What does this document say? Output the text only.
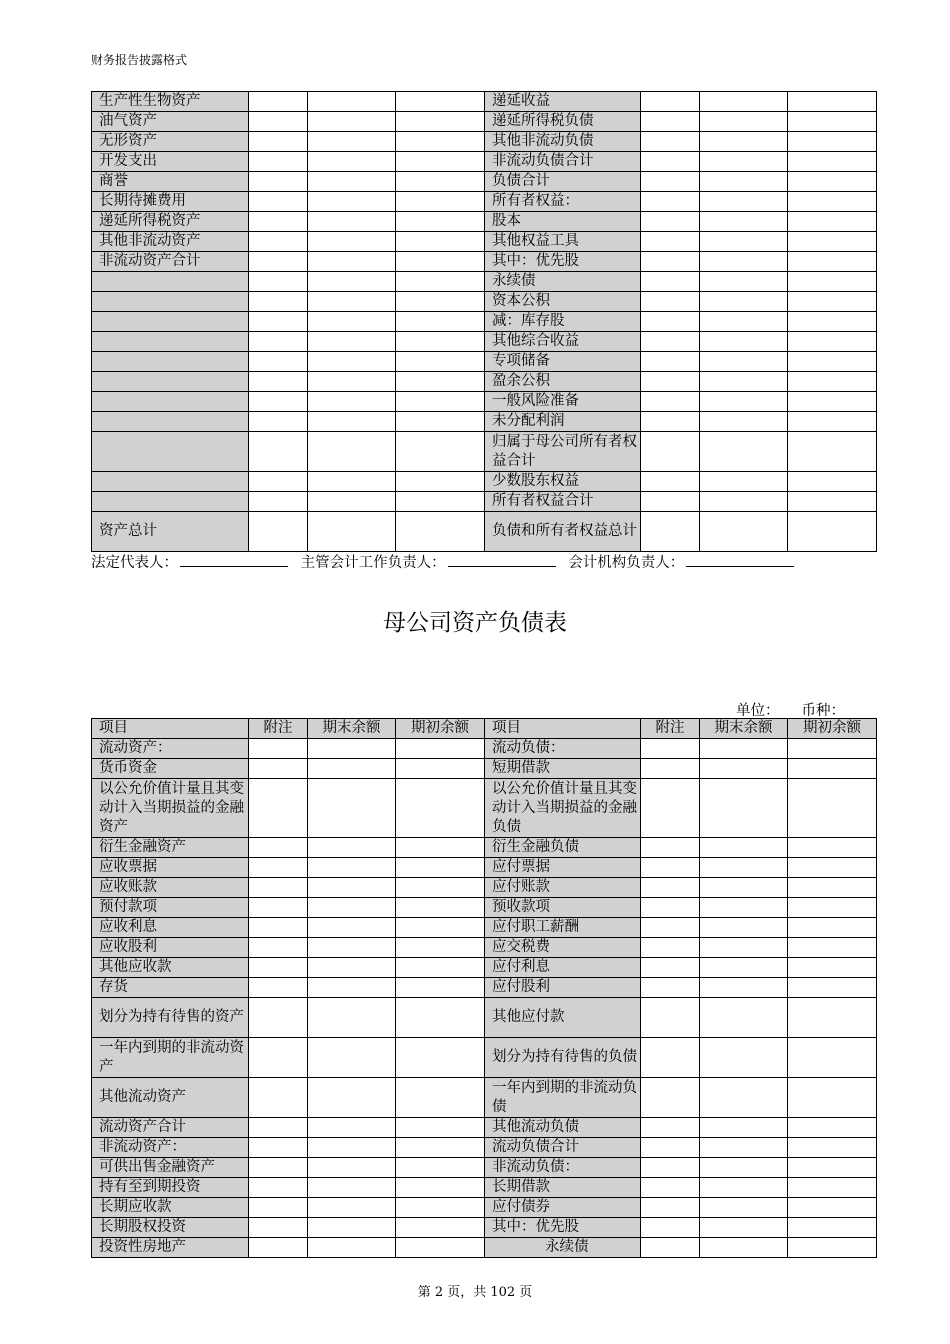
财务报告披露格式
生产性生物资产				递延收益			
油气资产				递延所得税负债			
无形资产				其他非流动负债			
开发支出				非流动负债合计			
商誉				负债合计			
长期待摊费用				所有者权益：			
递延所得税资产				股本			
其他非流动资产				其他权益工具			
非流动资产合计				其中：优先股			
				永续债			
				资本公积			
				减：库存股			
				其他综合收益			
				专项储备			
				盈余公积			
				一般风险准备			
				未分配利润			
				归属于母公司所有者权益合计			
				少数股东权益			
				所有者权益合计			
资产总计				负债和所有者权益总计			
法定代表人：	主管会计工作负责人：	会计机构负责人：
母公司资产负债表
单位： 币种：
项目	附注	期末余额	期初余额	项目	附注	期末余额	期初余额
流动资产：				流动负债：			
货币资金				短期借款			
以公允价值计量且其变动计入当期损益的金融资产				以公允价值计量且其变动计入当期损益的金融负债			
衍生金融资产				衍生金融负债			
应收票据				应付票据			
应收账款				应付账款			
预付款项				预收款项			
应收利息				应付职工薪酬			
应收股利				应交税费			
其他应收款				应付利息			
存货				应付股利			
划分为持有待售的资产				其他应付款			
一年内到期的非流动资产				划分为持有待售的负债			
其他流动资产				一年内到期的非流动负债			
流动资产合计				其他流动负债			
非流动资产：				流动负债合计			
可供出售金融资产				非流动负债：			
持有至到期投资				长期借款			
长期应收款				应付债券			
长期股权投资				其中：优先股			
投资性房地产				永续债			
第 2 页，共 102 页
